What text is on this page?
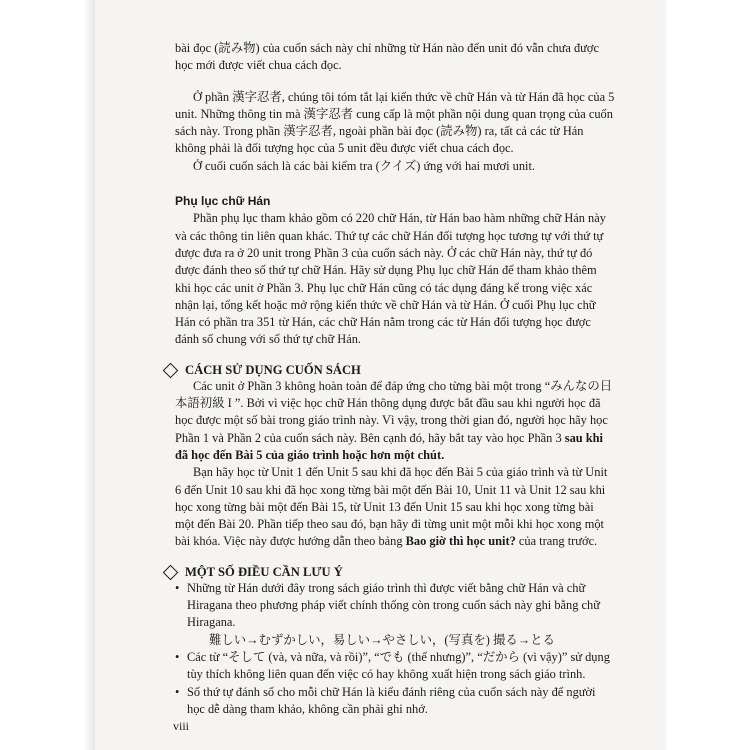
bài đọc (読み物) của cuốn sách này chỉ những từ Hán nào đến unit đó vẫn chưa được học mới được viết chua cách đọc.

Ở phần 漢字忍者, chúng tôi tóm tắt lại kiến thức về chữ Hán và từ Hán đã học của 5 unit. Những thông tin mà 漢字忍者 cung cấp là một phần nội dung quan trọng của cuốn sách này. Trong phần 漢字忍者, ngoài phần bài đọc (読み物) ra, tất cả các từ Hán không phải là đối tượng học của 5 unit đều được viết chua cách đọc.

Ở cuối cuốn sách là các bài kiểm tra (クイズ) ứng với hai mươi unit.

Phụ lục chữ Hán

Phần phụ lục tham khảo gồm có 220 chữ Hán, từ Hán bao hàm những chữ Hán này và các thông tin liên quan khác. Thứ tự các chữ Hán đối tượng học tương tự với thứ tự được đưa ra ở 20 unit trong Phần 3 của cuốn sách này. Ở các chữ Hán này, thứ tự đó được đánh theo số thứ tự chữ Hán. Hãy sử dụng Phụ lục chữ Hán để tham khảo thêm khi học các unit ở Phần 3. Phụ lục chữ Hán cũng có tác dụng đáng kể trong việc xác nhận lại, tổng kết hoặc mở rộng kiến thức về chữ Hán và từ Hán. Ở cuối Phụ lục chữ Hán có phần tra 351 từ Hán, các chữ Hán nằm trong các từ Hán đối tượng học được đánh số chung với số thứ tự chữ Hán.

CÁCH SỬ DỤNG CUỐN SÁCH

Các unit ở Phần 3 không hoàn toàn để đáp ứng cho từng bài một trong “みんなの日本語初級 I ”. Bởi vì việc học chữ Hán thông dụng được bắt đầu sau khi người học đã học được một số bài trong giáo trình này. Vì vậy, trong thời gian đó, người học hãy học Phần 1 và Phần 2 của cuốn sách này. Bên cạnh đó, hãy bắt tay vào học Phần 3 sau khi đã học đến Bài 5 của giáo trình hoặc hơn một chút.

Bạn hãy học từ Unit 1 đến Unit 5 sau khi đã học đến Bài 5 của giáo trình và từ Unit 6 đến Unit 10 sau khi đã học xong từng bài một đến Bài 10, Unit 11 và Unit 12 sau khi học xong từng bài một đến Bài 15, từ Unit 13 đến Unit 15 sau khi học xong từng bài một đến Bài 20. Phần tiếp theo sau đó, bạn hãy đi từng unit một mỗi khi học xong một bài khóa. Việc này được hướng dẫn theo bảng Bao giờ thì học unit? của trang trước.

MỘT SỐ ĐIỀU CẦN LƯU Ý
• Những từ Hán dưới đây trong sách giáo trình thì được viết bằng chữ Hán và chữ Hiragana theo phương pháp viết chính thống còn trong cuốn sách này ghi bằng chữ Hiragana.
難しい→むずかしい，易しい→やさしい，(写真を) 撮る→とる
• Các từ “そして (và, và nữa, và rồi)”, “でも (thế nhưng)”, “だから (vì vậy)” sử dụng tùy thích không liên quan đến việc có hay không xuất hiện trong sách giáo trình.
• Số thứ tự đánh số cho mỗi chữ Hán là kiểu đánh riêng của cuốn sách này để người học dễ dàng tham khảo, không cần phải ghi nhớ.
viii
